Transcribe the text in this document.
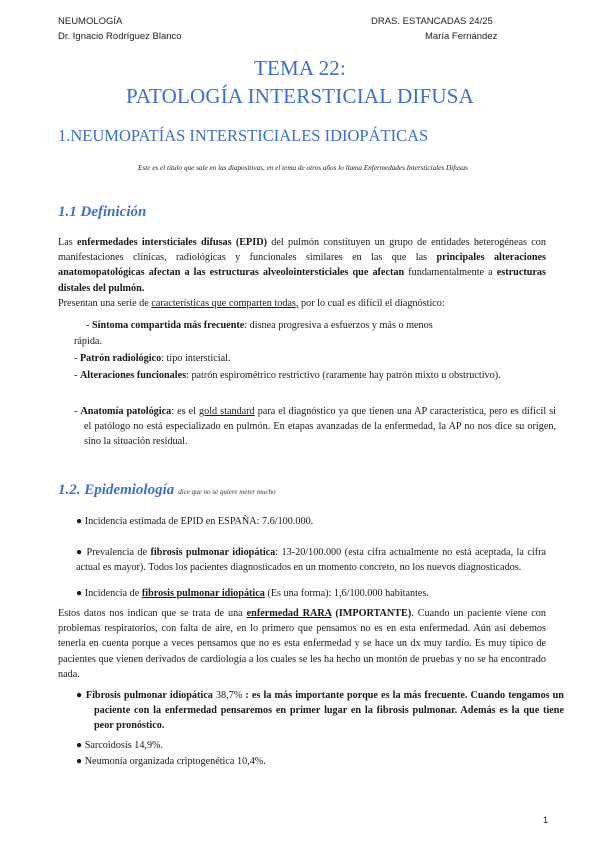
NEUMOLOGÍA
Dr. Ignacio Rodríguez Blanco
DRAS. ESTANCADAS 24/25
María Fernández
TEMA 22:
PATOLOGÍA INTERSTICIAL DIFUSA
1.NEUMOPATÍAS INTERSTICIALES IDIOPÁTICAS
Este es el título que sale en las diapositivas, en el tema de otros años lo llama Enfermedades Intersticiales Difusas
1.1 Definición
Las enfermedades intersticiales difusas (EPID) del pulmón constituyen un grupo de entidades heterogéneas con manifestaciones clínicas, radiológicas y funcionales similares en las que las principales alteraciones anatomopatológicas afectan a las estructuras alveolointersticiales que afectan fundamentalmente a estructuras distales del pulmón.
Presentan una serie de características que comparten todas, por lo cual es difícil el diagnóstico:
- Síntoma compartida más frecuente: disnea progresiva a esfuerzos y más o menos
rápida.
- Patrón radiológico: tipo intersticial.
- Alteraciones funcionales: patrón espirométrico restrictivo (raramente hay patrón mixto u obstructivo).
- Anatomía patológica: es el gold standard para el diagnóstico ya que tienen una AP característica, pero es difícil si el patólogo no está especializado en pulmón. En etapas avanzadas de la enfermedad, la AP no nos dice su origen, sino la situación residual.
1.2. Epidemiología dice que no se quiere meter mucho
● Incidencia estimada de EPID en ESPAÑA: 7.6/100.000.
● Prevalencia de fibrosis pulmonar idiopática: 13-20/100.000 (esta cifra actualmente no está aceptada, la cifra actual es mayor). Todos los pacientes diagnosticados en un momento concreto, no los nuevos diagnosticados.
● Incidencia de fibrosis pulmonar idiopática (Es una forma): 1,6/100.000 habitantes.
Estos datos nos indican que se trata de una enfermedad RARA (IMPORTANTE). Cuando un paciente viene con problemas respiratorios, con falta de aire, en lo primero que pensamos no es en esta enfermedad. Aún así debemos tenerla en cuenta porque a veces pensamos que no es esta enfermedad y se hace un dx muy tardío. Es muy típico de pacientes que vienen derivados de cardiología a los cuales se les ha hecho un montón de pruebas y no se ha encontrado nada.
● Fibrosis pulmonar idiopática 38,7% : es la más importante porque es la más frecuente. Cuando tengamos un paciente con la enfermedad pensaremos en primer lugar en la fibrosis pulmonar. Además es la que tiene peor pronóstico.
● Sarcoidosis 14,9%.
● Neumonía organizada criptogenética 10,4%.
1
